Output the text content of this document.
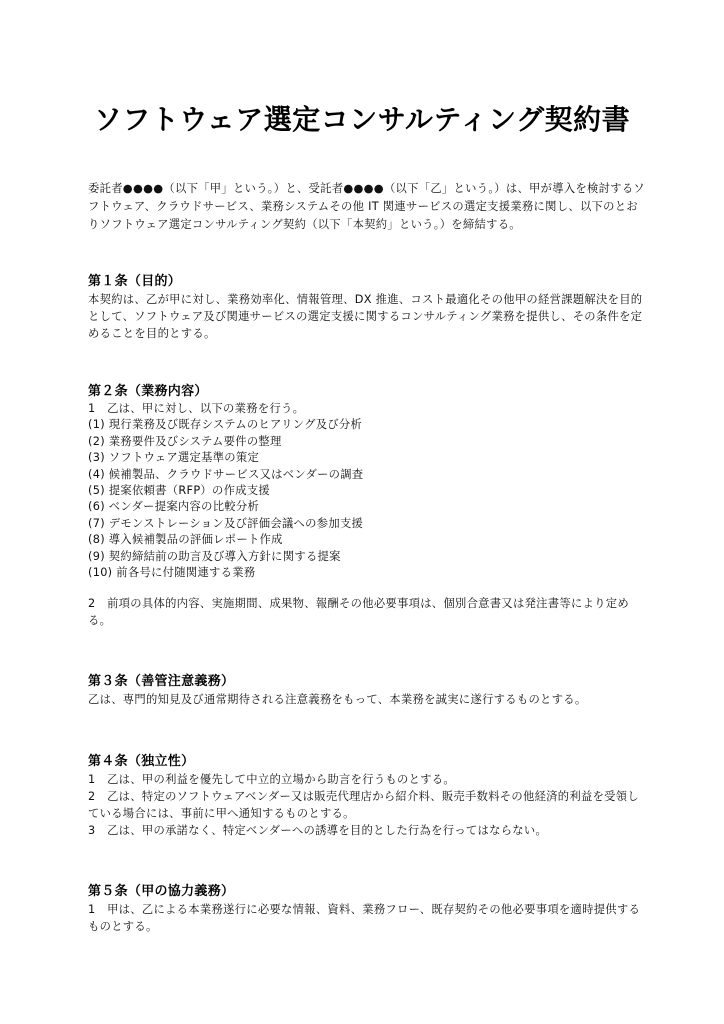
ソフトウェア選定コンサルティング契約書

委託者●●●●（以下「甲」という。）と、受託者●●●●（以下「乙」という。）は、甲が導入を検討するソフトウェア、クラウドサービス、業務システムその他 IT 関連サービスの選定支援業務に関し、以下のとおりソフトウェア選定コンサルティング契約（以下「本契約」という。）を締結する。

第１条（目的）

本契約は、乙が甲に対し、業務効率化、情報管理、DX 推進、コスト最適化その他甲の経営課題解決を目的として、ソフトウェア及び関連サービスの選定支援に関するコンサルティング業務を提供し、その条件を定めることを目的とする。

第２条（業務内容）

1　乙は、甲に対し、以下の業務を行う。

(1) 現行業務及び既存システムのヒアリング及び分析

(2) 業務要件及びシステム要件の整理

(3) ソフトウェア選定基準の策定

(4) 候補製品、クラウドサービス又はベンダーの調査

(5) 提案依頼書（RFP）の作成支援

(6) ベンダー提案内容の比較分析

(7) デモンストレーション及び評価会議への参加支援

(8) 導入候補製品の評価レポート作成

(9) 契約締結前の助言及び導入方針に関する提案

(10) 前各号に付随関連する業務

2　前項の具体的内容、実施期間、成果物、報酬その他必要事項は、個別合意書又は発注書等により定める。

第３条（善管注意義務）

乙は、専門的知見及び通常期待される注意義務をもって、本業務を誠実に遂行するものとする。

第４条（独立性）

1　乙は、甲の利益を優先して中立的立場から助言を行うものとする。

2　乙は、特定のソフトウェアベンダー又は販売代理店から紹介料、販売手数料その他経済的利益を受領している場合には、事前に甲へ通知するものとする。

3　乙は、甲の承諾なく、特定ベンダーへの誘導を目的とした行為を行ってはならない。

第５条（甲の協力義務）

1　甲は、乙による本業務遂行に必要な情報、資料、業務フロー、既存契約その他必要事項を適時提供するものとする。
